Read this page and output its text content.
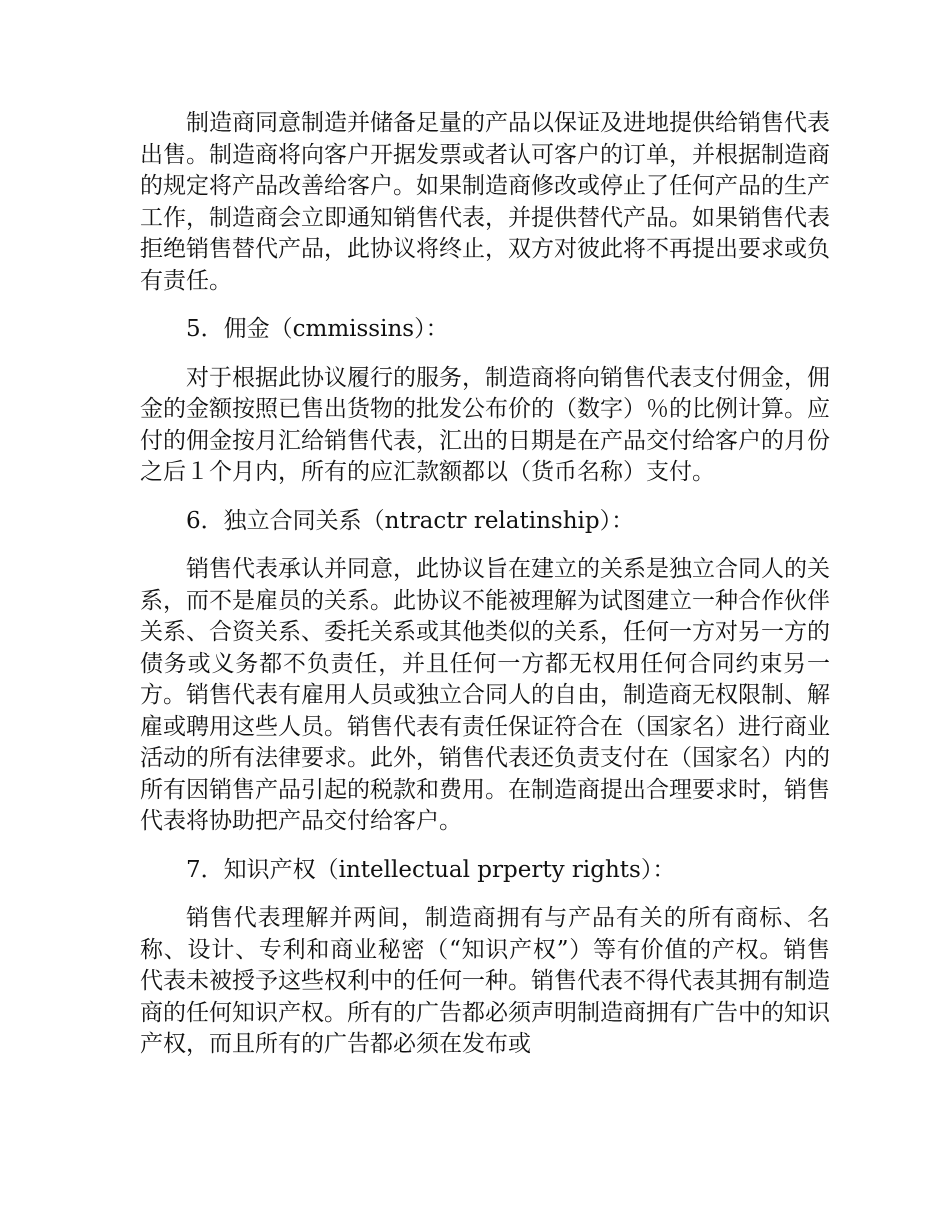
制造商同意制造并储备足量的产品以保证及进地提供给销售代表出售。制造商将向客户开据发票或者认可客户的订单，并根据制造商的规定将产品改善给客户。如果制造商修改或停止了任何产品的生产工作，制造商会立即通知销售代表，并提供替代产品。如果销售代表拒绝销售替代产品，此协议将终止，双方对彼此将不再提出要求或负有责任。

5．佣金（cmmissins）：

对于根据此协议履行的服务，制造商将向销售代表支付佣金，佣金的金额按照已售出货物的批发公布价的（数字）％的比例计算。应付的佣金按月汇给销售代表，汇出的日期是在产品交付给客户的月份之后１个月内，所有的应汇款额都以（货币名称）支付。

6．独立合同关系（ntractr relatinship）：

销售代表承认并同意，此协议旨在建立的关系是独立合同人的关系，而不是雇员的关系。此协议不能被理解为试图建立一种合作伙伴关系、合资关系、委托关系或其他类似的关系，任何一方对另一方的债务或义务都不负责任，并且任何一方都无权用任何合同约束另一方。销售代表有雇用人员或独立合同人的自由，制造商无权限制、解雇或聘用这些人员。销售代表有责任保证符合在（国家名）进行商业活动的所有法律要求。此外，销售代表还负责支付在（国家名）内的所有因销售产品引起的税款和费用。在制造商提出合理要求时，销售代表将协助把产品交付给客户。

7．知识产权（intellectual prperty rights）：

销售代表理解并两间，制造商拥有与产品有关的所有商标、名称、设计、专利和商业秘密（“知识产权”）等有价值的产权。销售代表未被授予这些权利中的任何一种。销售代表不得代表其拥有制造商的任何知识产权。所有的广告都必须声明制造商拥有广告中的知识产权，而且所有的广告都必须在发布或
